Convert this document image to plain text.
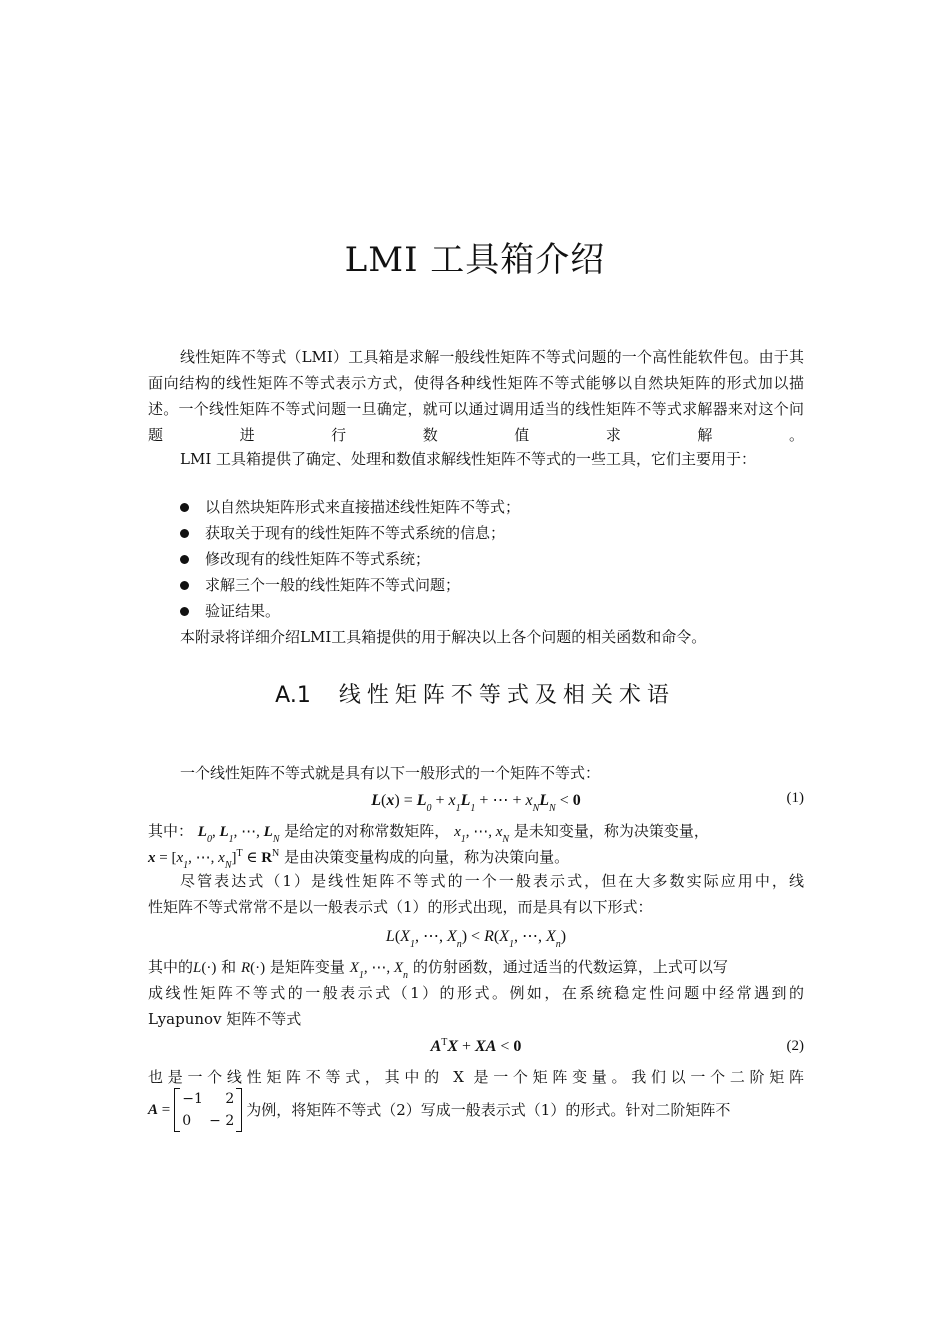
LMI 工具箱介绍
线性矩阵不等式（LMI）工具箱是求解一般线性矩阵不等式问题的一个高性能软件包。由于其面向结构的线性矩阵不等式表示方式，使得各种线性矩阵不等式能够以自然块矩阵的形式加以描述。一个线性矩阵不等式问题一旦确定，就可以通过调用适当的线性矩阵不等式求解器来对这个问题进行数值求解。
LMI 工具箱提供了确定、处理和数值求解线性矩阵不等式的一些工具，它们主要用于：
以自然块矩阵形式来直接描述线性矩阵不等式；
获取关于现有的线性矩阵不等式系统的信息；
修改现有的线性矩阵不等式系统；
求解三个一般的线性矩阵不等式问题；
验证结果。
本附录将详细介绍LMI工具箱提供的用于解决以上各个问题的相关函数和命令。
A.1 线性矩阵不等式及相关术语
一个线性矩阵不等式就是具有以下一般形式的一个矩阵不等式：
$L(x) = L_0 + x_1L_1$ + ⋯ + $x_NL_N < 0$	(1)
其中： $L_0$, $L_1$, ⋯, $L_N$ 是给定的对称常数矩阵， $x_1$, ⋯, $x_N$ 是未知变量，称为决策变量，
$x = [x_1$, ⋯, $x_N]^T$ ∈ $R^N$ 是由决策变量构成的向量，称为决策向量。
尽管表达式（1）是线性矩阵不等式的一个一般表示式，但在大多数实际应用中，线
性矩阵不等式常常不是以一般表示式（1）的形式出现，而是具有以下形式：
$L(X_1$, ⋯, $X_n) < R(X_1$, ⋯, $X_n$)
其中的L(·) 和 R(·) 是矩阵变量 $X_1$, ⋯, $X_n$ 的仿射函数，通过适当的代数运算，上式可以写
成线性矩阵不等式的一般表示式（1）的形式。例如，在系统稳定性问题中经常遇到的
Lyapunov 矩阵不等式
$A^TX$ + XA < 0	(2)
也是一个线性矩阵不等式，其中的 X 是一个矩阵变量。我们以一个二阶矩阵
A =
−1 2
0 − 2
为例，将矩阵不等式（2）写成一般表示式（1）的形式。针对二阶矩阵不
